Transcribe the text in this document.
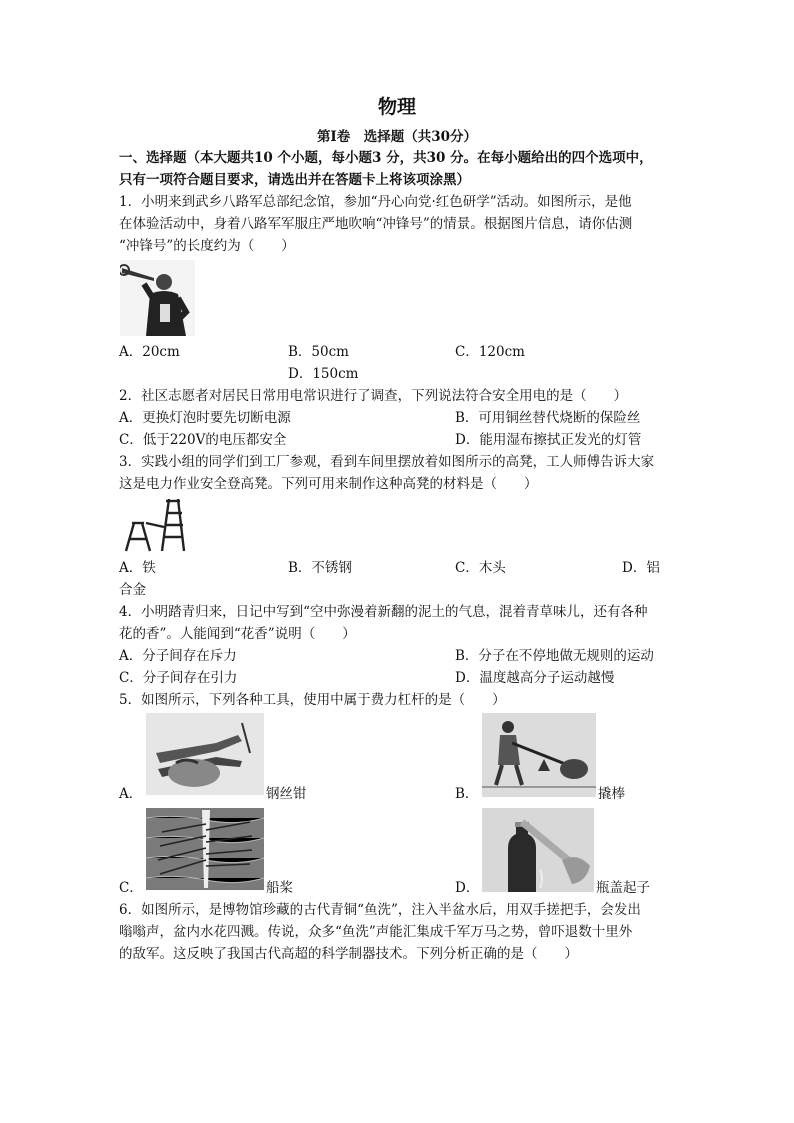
物理
第Ⅰ卷　选择题（共30分）
一、选择题（本大题共10 个小题，每小题3 分，共30 分。在每小题给出的四个选项中，
只有一项符合题目要求，请选出并在答题卡上将该项涂黑）
1．小明来到武乡八路军总部纪念馆，参加“丹心向党·红色研学”活动。如图所示，是他
在体验活动中，身着八路军军服庄严地吹响“冲锋号”的情景。根据图片信息，请你估测
“冲锋号”的长度约为（　　）
A．20cm	B．50cm	C．120cm
D．150cm
2．社区志愿者对居民日常用电常识进行了调查，下列说法符合安全用电的是（　　）
A．更换灯泡时要先切断电源	B．可用铜丝替代烧断的保险丝
C．低于220V的电压都安全	D．能用湿布擦拭正发光的灯管
3．实践小组的同学们到工厂参观，看到车间里摆放着如图所示的高凳，工人师傅告诉大家
这是电力作业安全登高凳。下列可用来制作这种高凳的材料是（　　）
A．铁	B．不锈钢	C．木头	D．铝
合金
4．小明踏青归来，日记中写到“空中弥漫着新翻的泥土的气息，混着青草味儿，还有各种
花的香”。人能闻到“花香”说明（　　）
A．分子间存在斥力	B．分子在不停地做无规则的运动
C．分子间存在引力	D．温度越高分子运动越慢
5．如图所示，下列各种工具，使用中属于费力杠杆的是（　　）
A．	钢丝钳	B．	撬棒
C．	船桨	D．	瓶盖起子
6．如图所示，是博物馆珍藏的古代青铜“鱼洗”，注入半盆水后，用双手搓把手，会发出
嗡嗡声，盆内水花四溅。传说，众多“鱼洗”声能汇集成千军万马之势，曾吓退数十里外
的敌军。这反映了我国古代高超的科学制器技术。下列分析正确的是（　　）
